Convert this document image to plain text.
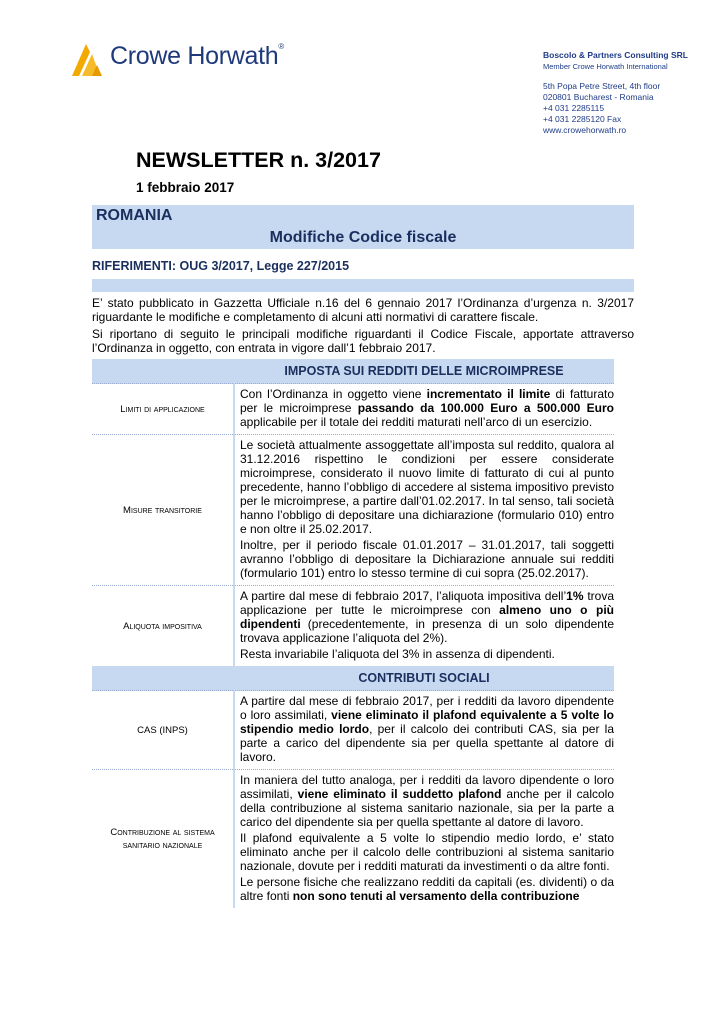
Crowe Horwath®
Boscolo & Partners Consulting SRL
Member Crowe Horwath International
5th Popa Petre Street, 4th floor
020801 Bucharest - Romania
+4 031 2285115
+4 031 2285120 Fax
www.crowehorwath.ro
NEWSLETTER n. 3/2017
1 febbraio 2017
ROMANIA
Modifiche Codice fiscale
RIFERIMENTI: OUG 3/2017, Legge 227/2015

E’ stato pubblicato in Gazzetta Ufficiale n.16 del 6 gennaio 2017 l’Ordinanza d’urgenza n. 3/2017 riguardante le modifiche e completamento di alcuni atti normativi di carattere fiscale.

Si riportano di seguito le principali modifiche riguardanti il Codice Fiscale, apportate attraverso l’Ordinanza in oggetto, con entrata in vigore dall’1 febbraio 2017.

	IMPOSTA SUI REDDITI DELLE MICROIMPRESE
Limiti di applicazione	Con l’Ordinanza in oggetto viene incrementato il limite di fatturato per le microimprese passando da 100.000 Euro a 500.000 Euro applicabile per il totale dei redditi maturati nell’arco di un esercizio.

Misure transitorie	Le società attualmente assoggettate all’imposta sul reddito, qualora al 31.12.2016 rispettino le condizioni per essere considerate microimprese, considerato il nuovo limite di fatturato di cui al punto precedente, hanno l’obbligo di accedere al sistema impositivo previsto per le microimprese, a partire dall’01.02.2017. In tal senso, tali società hanno l’obbligo di depositare una dichiarazione (formulario 010) entro e non oltre il 25.02.2017.

Inoltre, per il periodo fiscale 01.01.2017 – 31.01.2017, tali soggetti avranno l’obbligo di depositare la Dichiarazione annuale sui redditi (formulario 101) entro lo stesso termine di cui sopra (25.02.2017).

Aliquota impositiva	A partire dal mese di febbraio 2017, l’aliquota impositiva dell’1% trova applicazione per tutte le microimprese con almeno uno o più dipendenti (precedentemente, in presenza di un solo dipendente trovava applicazione l’aliquota del 2%).

Resta invariabile l’aliquota del 3% in assenza di dipendenti.

	CONTRIBUTI SOCIALI
CAS (INPS)	A partire dal mese di febbraio 2017, per i redditi da lavoro dipendente o loro assimilati, viene eliminato il plafond equivalente a 5 volte lo stipendio medio lordo, per il calcolo dei contributi CAS, sia per la parte a carico del dipendente sia per quella spettante al datore di lavoro.

Contribuzione al sistema sanitario nazionale	In maniera del tutto analoga, per i redditi da lavoro dipendente o loro assimilati, viene eliminato il suddetto plafond anche per il calcolo della contribuzione al sistema sanitario nazionale, sia per la parte a carico del dipendente sia per quella spettante al datore di lavoro.

Il plafond equivalente a 5 volte lo stipendio medio lordo, e’ stato eliminato anche per il calcolo delle contribuzioni al sistema sanitario nazionale, dovute per i redditi maturati da investimenti o da altre fonti.

Le persone fisiche che realizzano redditi da capitali (es. dividenti) o da altre fonti non sono tenuti al versamento della contribuzione
